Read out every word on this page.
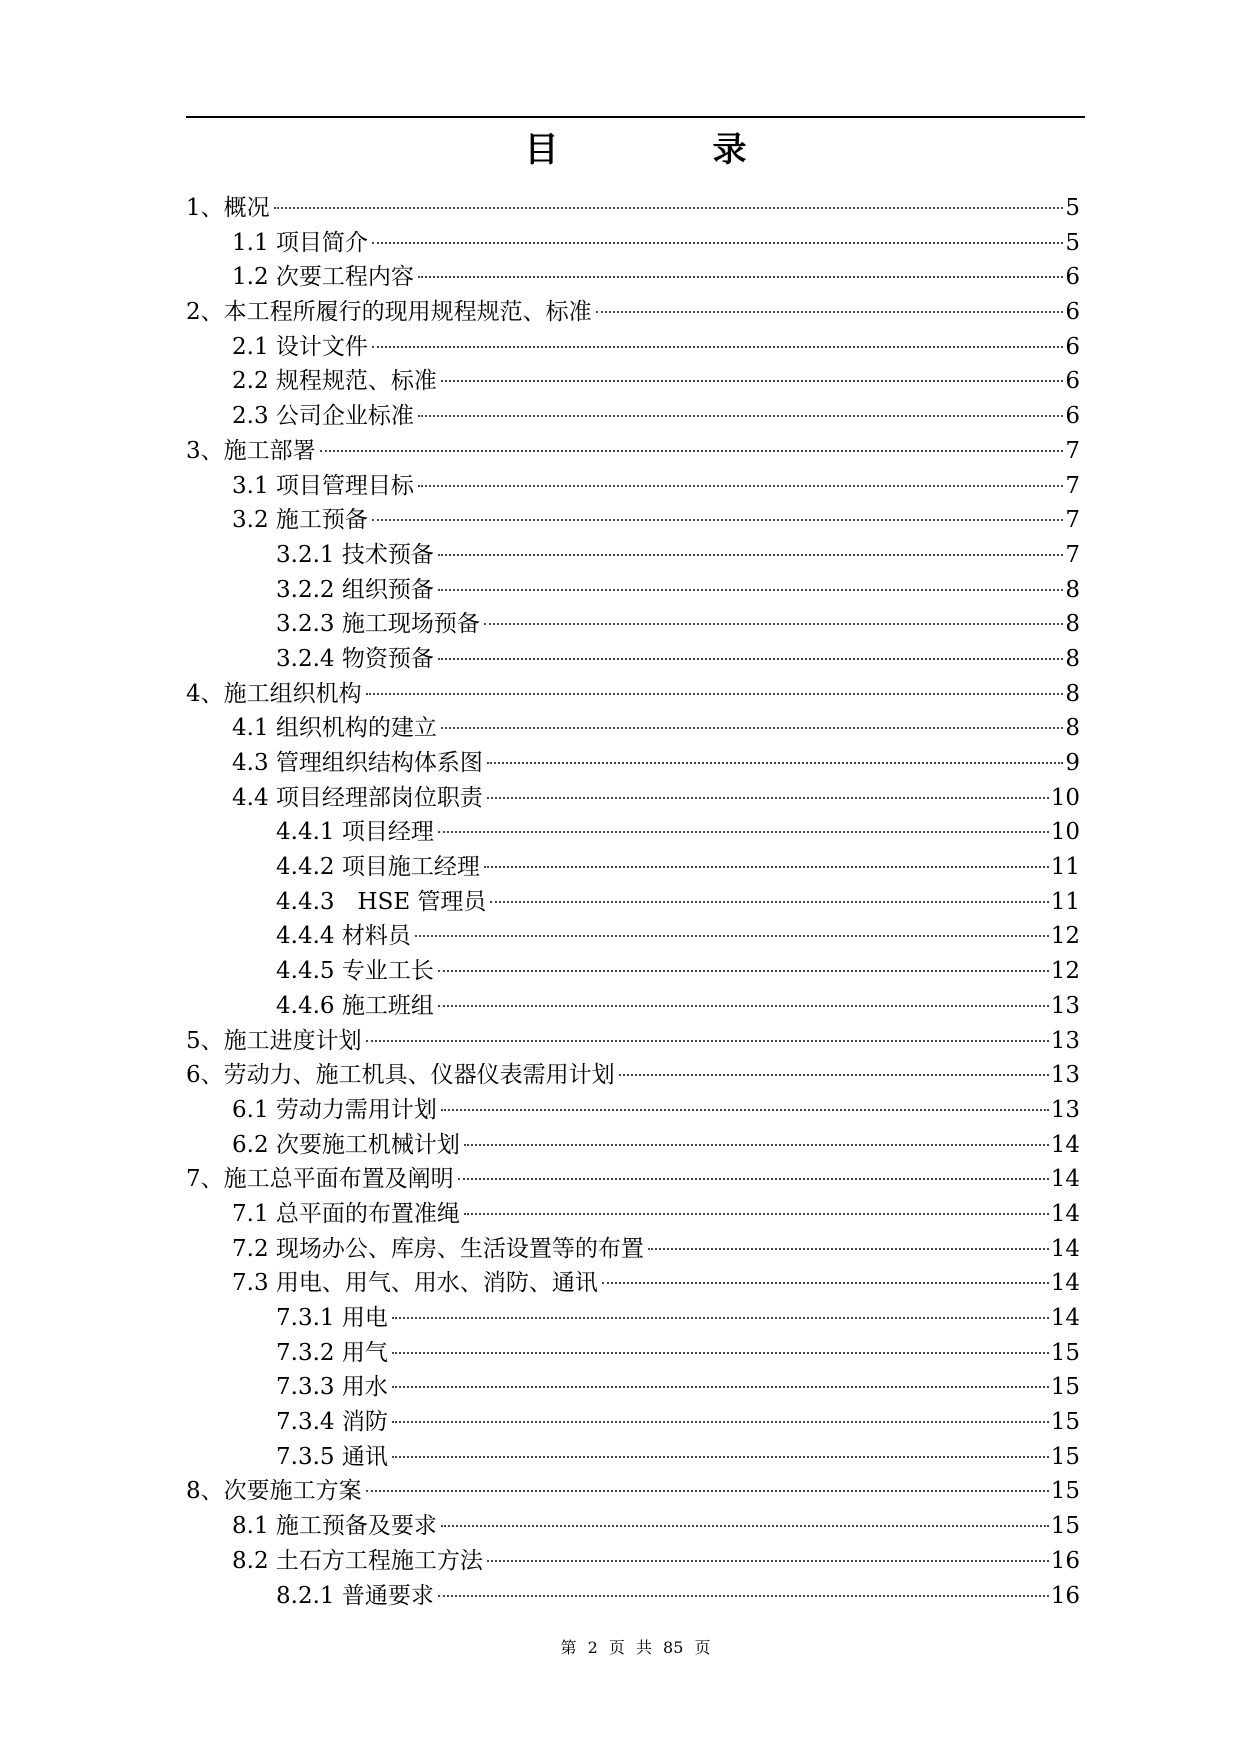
目　录
1、概况	5
1.1 项目简介	5
1.2 次要工程内容	6
2、本工程所履行的现用规程规范、标准	6
2.1 设计文件	6
2.2 规程规范、标准	6
2.3 公司企业标准	6
3、施工部署	7
3.1 项目管理目标	7
3.2 施工预备	7
3.2.1 技术预备	7
3.2.2 组织预备	8
3.2.3 施工现场预备	8
3.2.4 物资预备	8
4、施工组织机构	8
4.1 组织机构的建立	8
4.3 管理组织结构体系图	9
4.4 项目经理部岗位职责	10
4.4.1 项目经理	10
4.4.2 项目施工经理	11
4.4.3　HSE 管理员	11
4.4.4 材料员	12
4.4.5 专业工长	12
4.4.6 施工班组	13
5、施工进度计划	13
6、劳动力、施工机具、仪器仪表需用计划	13
6.1 劳动力需用计划	13
6.2 次要施工机械计划	14
7、施工总平面布置及阐明	14
7.1 总平面的布置准绳	14
7.2 现场办公、库房、生活设置等的布置	14
7.3 用电、用气、用水、消防、通讯	14
7.3.1 用电	14
7.3.2 用气	15
7.3.3 用水	15
7.3.4 消防	15
7.3.5 通讯	15
8、次要施工方案	15
8.1 施工预备及要求	15
8.2 土石方工程施工方法	16
8.2.1 普通要求	16
第 2 页 共 85 页
